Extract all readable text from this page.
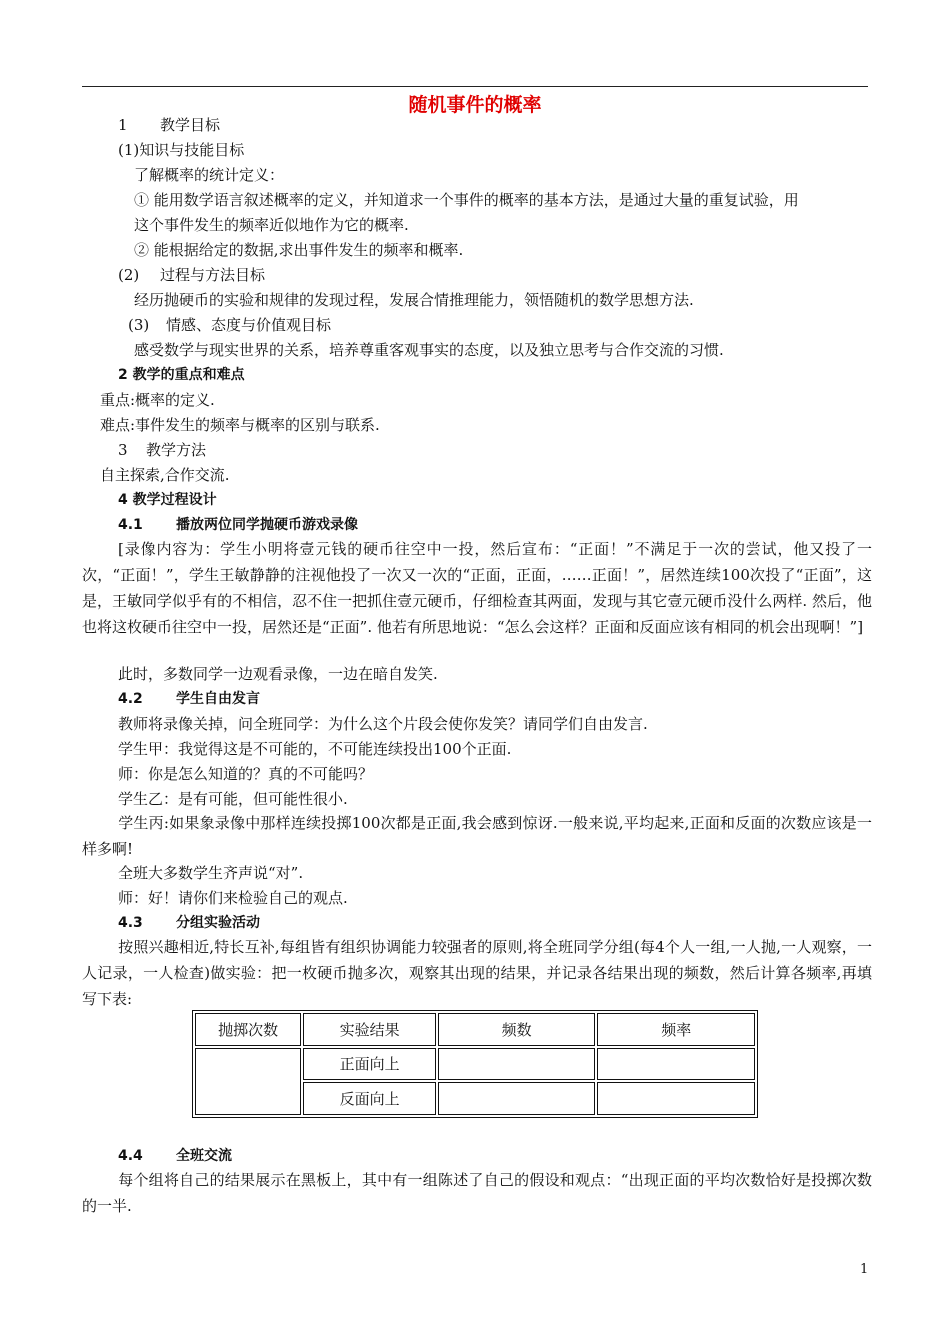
随机事件的概率
1 教学目标
(1)知识与技能目标
了解概率的统计定义：
① 能用数学语言叙述概率的定义，并知道求一个事件的概率的基本方法，是通过大量的重复试验，用
这个事件发生的频率近似地作为它的概率.
② 能根据给定的数据,求出事件发生的频率和概率.
(2) 过程与方法目标
经历抛硬币的实验和规律的发现过程，发展合情推理能力，领悟随机的数学思想方法.
(3) 情感、态度与价值观目标
感受数学与现实世界的关系，培养尊重客观事实的态度，以及独立思考与合作交流的习惯.
2 教学的重点和难点
重点:概率的定义.
难点:事件发生的频率与概率的区别与联系.
3 教学方法
自主探索,合作交流.
4 教学过程设计
4.1 播放两位同学抛硬币游戏录像
[录像内容为：学生小明将壹元钱的硬币往空中一投，然后宣布：“正面！”不满足于一次的尝试，他又投了一次，“正面！”，学生王敏静静的注视他投了一次又一次的“正面，正面，……正面！”，居然连续100次投了“正面”，这是，王敏同学似乎有的不相信，忍不住一把抓住壹元硬币，仔细检查其两面，发现与其它壹元硬币没什么两样. 然后，他也将这枚硬币往空中一投，居然还是“正面”. 他若有所思地说：“怎么会这样？正面和反面应该有相同的机会出现啊！”]
此时，多数同学一边观看录像，一边在暗自发笑.
4.2 学生自由发言
教师将录像关掉，问全班同学：为什么这个片段会使你发笑？请同学们自由发言.
学生甲：我觉得这是不可能的，不可能连续投出100个正面.
师：你是怎么知道的？真的不可能吗？
学生乙：是有可能，但可能性很小.
学生丙:如果象录像中那样连续投掷100次都是正面,我会感到惊讶.一般来说,平均起来,正面和反面的次数应该是一样多啊!
全班大多数学生齐声说“对”.
师：好！请你们来检验自己的观点.
4.3 分组实验活动
按照兴趣相近,特长互补,每组皆有组织协调能力较强者的原则,将全班同学分组(每4个人一组,一人抛,一人观察，一人记录，一人检查)做实验：把一枚硬币抛多次，观察其出现的结果，并记录各结果出现的频数，然后计算各频率,再填写下表:
抛掷次数	实验结果	频数	频率
	正面向上		
	反面向上		
4.4 全班交流
每个组将自己的结果展示在黑板上，其中有一组陈述了自己的假设和观点：“出现正面的平均次数恰好是投掷次数的一半.
1
